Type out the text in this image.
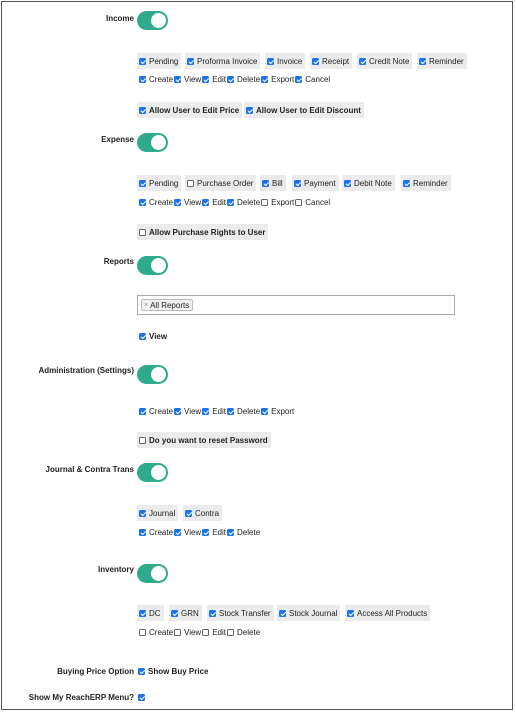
Income
Pending Proforma Invoice Invoice Receipt Credit Note Reminder
Create View Edit Delete Export Cancel
Allow User to Edit Price Allow User to Edit Discount
Expense
Pending Purchase Order Bill	Payment Debit Note	Reminder
Create View Edit Delete Export Cancel
Allow Purchase Rights to User
Reports
× All Reports
View
Administration (Settings)
Create View Edit Delete Export
Do you want to reset Password
Journal & Contra Trans
Journal Contra
Create View Edit Delete
Inventory
DC	GRN	Stock Transfer Stock Journal Access All Products
Create View Edit Delete
Buying Price Option Show Buy Price
Show My ReachERP Menu?
